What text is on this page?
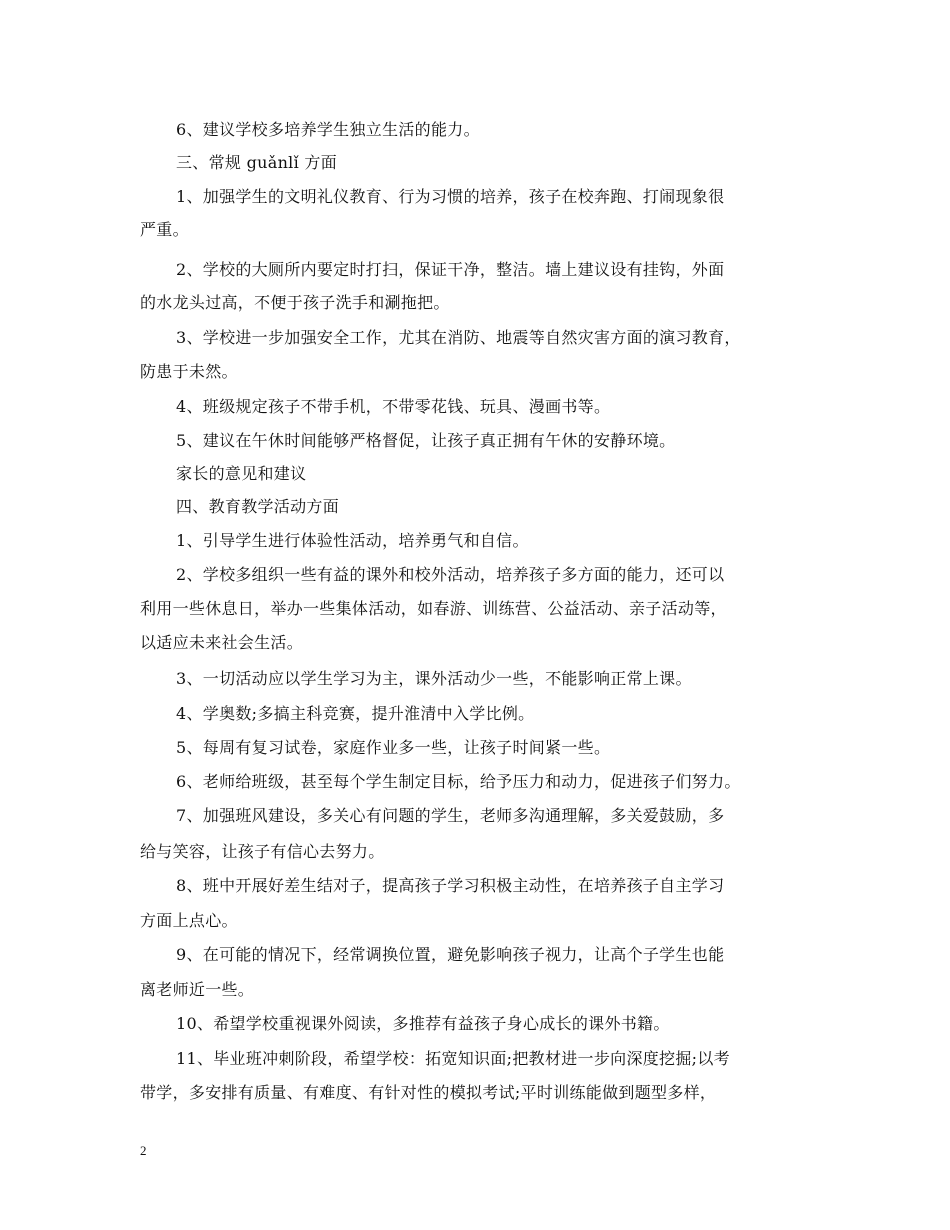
6、建议学校多培养学生独立生活的能力。
三、常规 guǎnlǐ 方面
1、加强学生的文明礼仪教育、行为习惯的培养，孩子在校奔跑、打闹现象很
严重。
2、学校的大厕所内要定时打扫，保证干净，整洁。墙上建议设有挂钩，外面
的水龙头过高，不便于孩子洗手和涮拖把。
3、学校进一步加强安全工作，尤其在消防、地震等自然灾害方面的演习教育，
防患于未然。
4、班级规定孩子不带手机，不带零花钱、玩具、漫画书等。
5、建议在午休时间能够严格督促，让孩子真正拥有午休的安静环境。
家长的意见和建议
四、教育教学活动方面
1、引导学生进行体验性活动，培养勇气和自信。
2、学校多组织一些有益的课外和校外活动，培养孩子多方面的能力，还可以
利用一些休息日，举办一些集体活动，如春游、训练营、公益活动、亲子活动等，
以适应未来社会生活。
3、一切活动应以学生学习为主，课外活动少一些，不能影响正常上课。
4、学奥数;多搞主科竞赛，提升淮清中入学比例。
5、每周有复习试卷，家庭作业多一些，让孩子时间紧一些。
6、老师给班级，甚至每个学生制定目标，给予压力和动力，促进孩子们努力。
7、加强班风建设，多关心有问题的学生，老师多沟通理解，多关爱鼓励，多
给与笑容，让孩子有信心去努力。
8、班中开展好差生结对子，提高孩子学习积极主动性，在培养孩子自主学习
方面上点心。
9、在可能的情况下，经常调换位置，避免影响孩子视力，让高个子学生也能
离老师近一些。
10、希望学校重视课外阅读，多推荐有益孩子身心成长的课外书籍。
11、毕业班冲刺阶段，希望学校：拓宽知识面;把教材进一步向深度挖掘;以考
带学，多安排有质量、有难度、有针对性的模拟考试;平时训练能做到题型多样，
2
